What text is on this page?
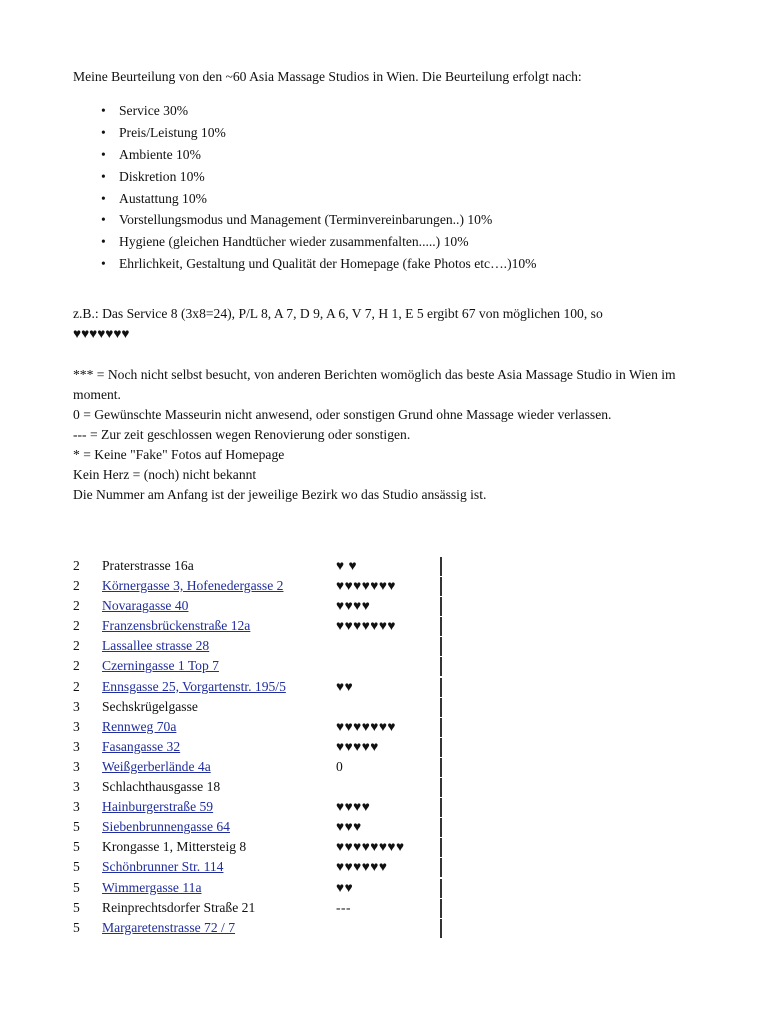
Meine Beurteilung von den ~60 Asia Massage Studios in Wien. Die Beurteilung erfolgt nach:
• Service 30%
• Preis/Leistung 10%
• Ambiente 10%
• Diskretion 10%
• Austattung 10%
• Vorstellungsmodus und Management (Terminvereinbarungen..) 10%
• Hygiene (gleichen Handtücher wieder zusammenfalten.....) 10%
• Ehrlichkeit, Gestaltung und Qualität der Homepage (fake Photos etc….)10%
z.B.: Das Service 8 (3x8=24), P/L 8, A 7, D 9, A 6, V 7, H 1, E 5 ergibt 67 von möglichen 100, so
♥♥♥♥♥♥♥
*** = Noch nicht selbst besucht, von anderen Berichten womöglich das beste Asia Massage Studio in Wien im moment.
0 = Gewünschte Masseurin nicht anwesend, oder sonstigen Grund ohne Massage wieder verlassen.
--- = Zur zeit geschlossen wegen Renovierung oder sonstigen.
* = Keine "Fake" Fotos auf Homepage
Kein Herz = (noch) nicht bekannt
Die Nummer am Anfang ist der jeweilige Bezirk wo das Studio ansässig ist.
2 Praterstrasse 16a	♥ ♥
2 Körnergasse 3, Hofenedergasse 2	♥♥♥♥♥♥♥
2 Novaragasse 40	♥♥♥♥
2 Franzensbrückenstraße 12a	♥♥♥♥♥♥♥
2 Lassallee strasse 28
2 Czerningasse 1 Top 7
2 Ennsgasse 25, Vorgartenstr. 195/5	♥♥
3 Sechskrügelgasse
3 Rennweg 70a	♥♥♥♥♥♥♥
3 Fasangasse 32	♥♥♥♥♥
3 Weißgerberlände 4a	0
3 Schlachthausgasse 18
3 Hainburgerstraße 59	♥♥♥♥
5 Siebenbrunnengasse 64	♥♥♥
5 Krongasse 1, Mittersteig 8	♥♥♥♥♥♥♥♥
5 Schönbrunner Str. 114	♥♥♥♥♥♥
5 Wimmergasse 11a	♥♥
5 Reinprechtsdorfer Straße 21	---
5 Margaretenstrasse 72 / 7
